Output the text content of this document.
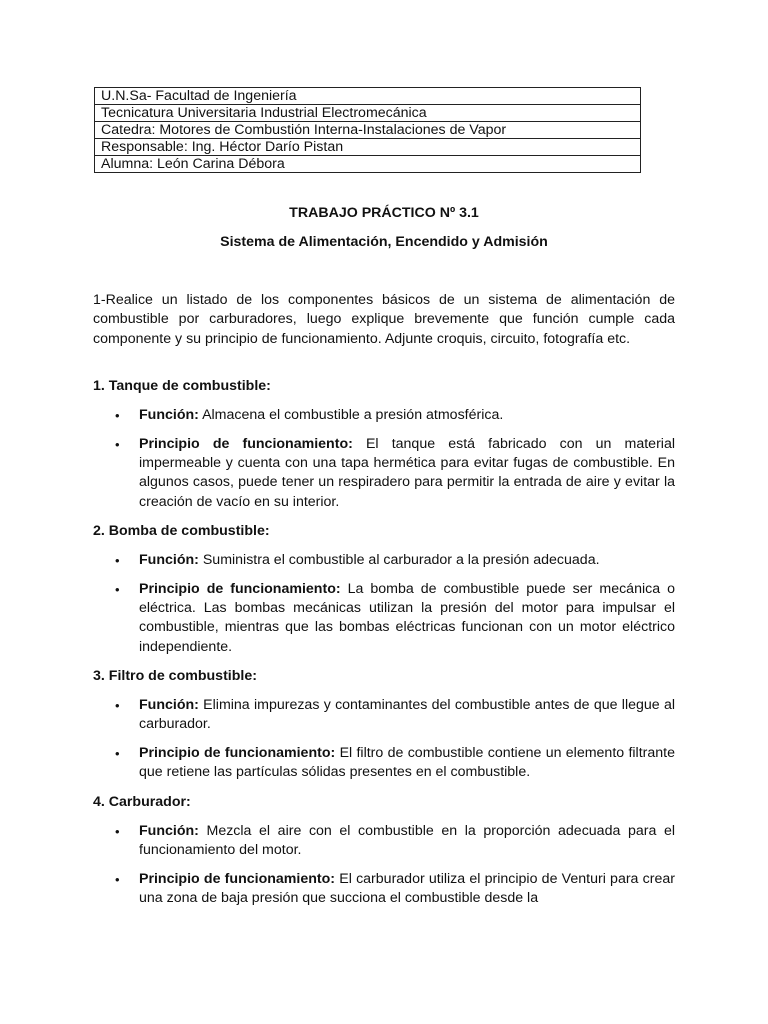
U.N.Sa- Facultad de Ingeniería
Tecnicatura Universitaria Industrial Electromecánica
Catedra: Motores de Combustión Interna-Instalaciones de Vapor
Responsable: Ing. Héctor Darío Pistan
Alumna: León Carina Débora
TRABAJO PRÁCTICO Nº 3.1
Sistema de Alimentación, Encendido y Admisión

1-Realice un listado de los componentes básicos de un sistema de alimentación de combustible por carburadores, luego explique brevemente que función cumple cada componente y su principio de funcionamiento. Adjunte croquis, circuito, fotografía etc.

1. Tanque de combustible:

• Función: Almacena el combustible a presión atmosférica.
• Principio de funcionamiento: El tanque está fabricado con un material impermeable y cuenta con una tapa hermética para evitar fugas de combustible. En algunos casos, puede tener un respiradero para permitir la entrada de aire y evitar la creación de vacío en su interior.

2. Bomba de combustible:

• Función: Suministra el combustible al carburador a la presión adecuada.
• Principio de funcionamiento: La bomba de combustible puede ser mecánica o eléctrica. Las bombas mecánicas utilizan la presión del motor para impulsar el combustible, mientras que las bombas eléctricas funcionan con un motor eléctrico independiente.

3. Filtro de combustible:

• Función: Elimina impurezas y contaminantes del combustible antes de que llegue al carburador.
• Principio de funcionamiento: El filtro de combustible contiene un elemento filtrante que retiene las partículas sólidas presentes en el combustible.

4. Carburador:

• Función: Mezcla el aire con el combustible en la proporción adecuada para el funcionamiento del motor.
• Principio de funcionamiento: El carburador utiliza el principio de Venturi para crear una zona de baja presión que succiona el combustible desde la
